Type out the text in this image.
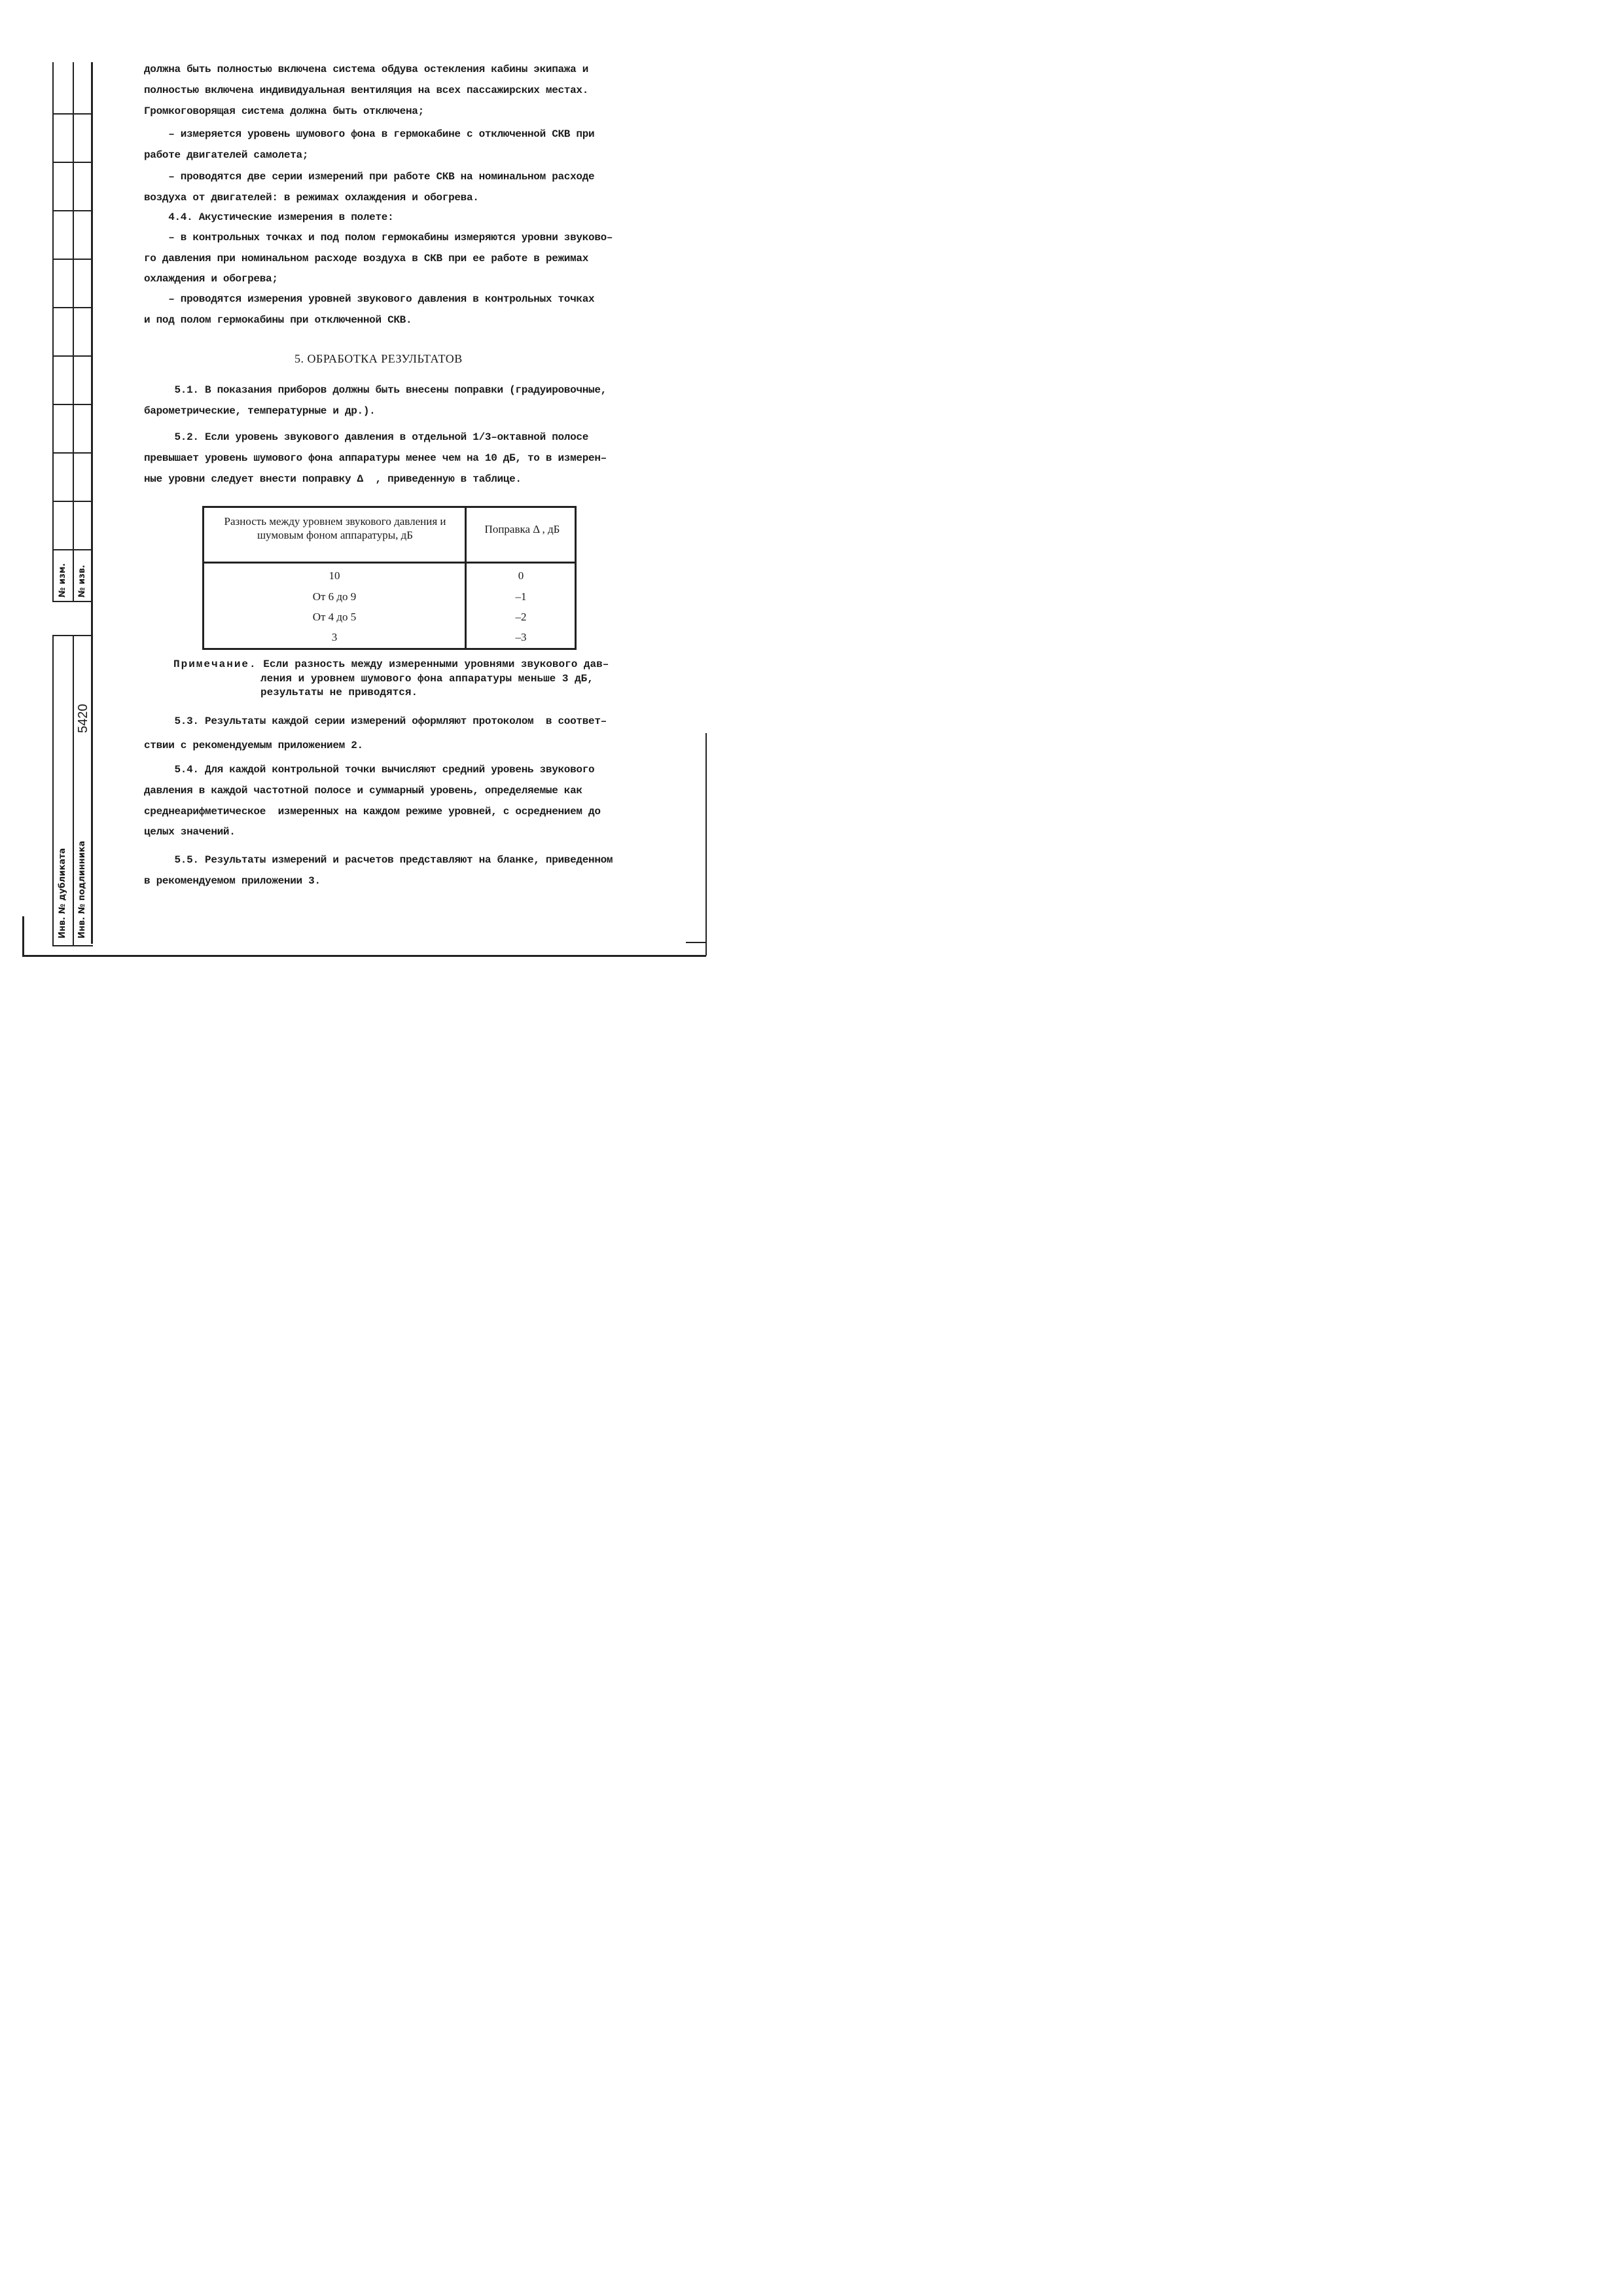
№ изм. № изв.
5420
Инв. № дубликата Инв. № подлинника
должна быть полностью включена система обдува остекления кабины экипажа и
полностью включена индивидуальная вентиляция на всех пассажирских местах.
Громкоговорящая система должна быть отключена;
– измеряется уровень шумового фона в гермокабине с отключенной СКВ при
работе двигателей самолета;
– проводятся две серии измерений при работе СКВ на номинальном расходе
воздуха от двигателей: в режимах охлаждения и обогрева.
4.4. Акустические измерения в полете:
– в контрольных точках и под полом гермокабины измеряются уровни звуково–
го давления при номинальном расходе воздуха в СКВ при ее работе в режимах
охлаждения и обогрева;
– проводятся измерения уровней звукового давления в контрольных точках
и под полом гермокабины при отключенной СКВ.
5. ОБРАБОТКА РЕЗУЛЬТАТОВ
5.1. В показания приборов должны быть внесены поправки (градуировочные,
барометрические, температурные и др.).
5.2. Если уровень звукового давления в отдельной 1/3–октавной полосе
превышает уровень шумового фона аппаратуры менее чем на 10 дБ, то в измерен–
ные уровни следует внести поправку Δ  , приведенную в таблице.
Разность между уровнем звукового давления и шумовым фоном аппаратуры, дБ	Поправка Δ , дБ
10	0
От 6 до 9	–1
От 4 до 5	–2
3	–3
Примечание. Если разность между измеренными уровнями звукового дав–
ления и уровнем шумового фона аппаратуры меньше 3 дБ,
результаты не приводятся.
5.3. Результаты каждой серии измерений оформляют протоколом  в соответ–
ствии с рекомендуемым приложением 2.
5.4. Для каждой контрольной точки вычисляют средний уровень звукового
давления в каждой частотной полосе и суммарный уровень, определяемые как
среднеарифметическое  измеренных на каждом режиме уровней, с осреднением до
целых значений.
5.5. Результаты измерений и расчетов представляют на бланке, приведенном
в рекомендуемом приложении 3.
